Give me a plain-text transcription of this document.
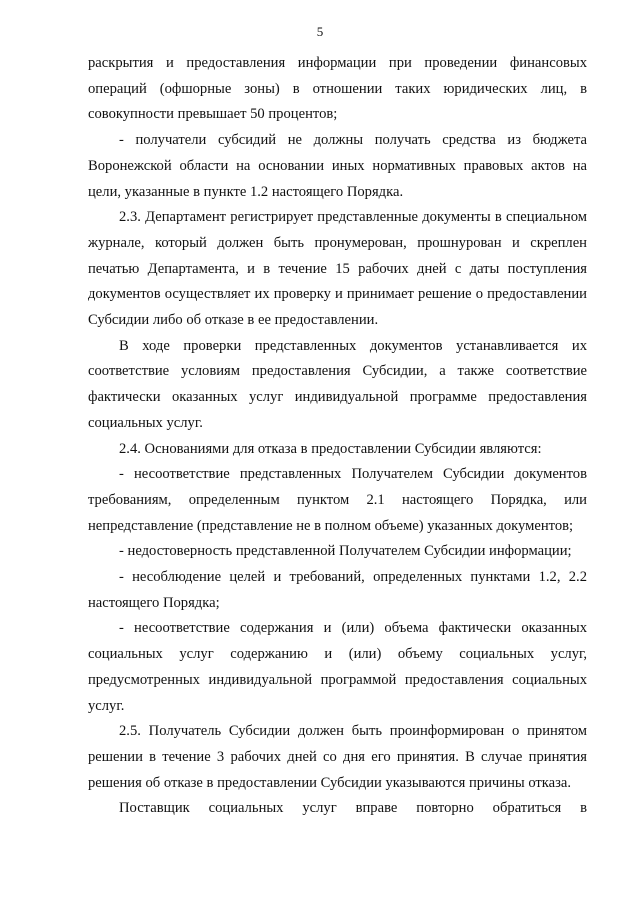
5

раскрытия и предоставления информации при проведении финансовых операций (офшорные зоны) в отношении таких юридических лиц, в совокупности превышает 50 процентов;

- получатели субсидий не должны получать средства из бюджета Воронежской области на основании иных нормативных правовых актов на цели, указанные в пункте 1.2 настоящего Порядка.

2.3. Департамент регистрирует представленные документы в специальном журнале, который должен быть пронумерован, прошнурован и скреплен печатью Департамента, и в течение 15 рабочих дней с даты поступления документов осуществляет их проверку и принимает решение о предоставлении Субсидии либо об отказе в ее предоставлении.

В ходе проверки представленных документов устанавливается их соответствие условиям предоставления Субсидии, а также соответствие фактически оказанных услуг индивидуальной программе предоставления социальных услуг.

2.4. Основаниями для отказа в предоставлении Субсидии являются:

- несоответствие представленных Получателем Субсидии документов требованиям, определенным пунктом 2.1 настоящего Порядка, или непредставление (представление не в полном объеме) указанных документов;

- недостоверность представленной Получателем Субсидии информации;

- несоблюдение целей и требований, определенных пунктами 1.2, 2.2 настоящего Порядка;

- несоответствие содержания и (или) объема фактически оказанных социальных услуг содержанию и (или) объему социальных услуг, предусмотренных индивидуальной программой предоставления социальных услуг.

2.5. Получатель Субсидии должен быть проинформирован о принятом решении в течение 3 рабочих дней со дня его принятия. В случае принятия решения об отказе в предоставлении Субсидии указываются причины отказа.

Поставщик социальных услуг вправе повторно обратиться в
